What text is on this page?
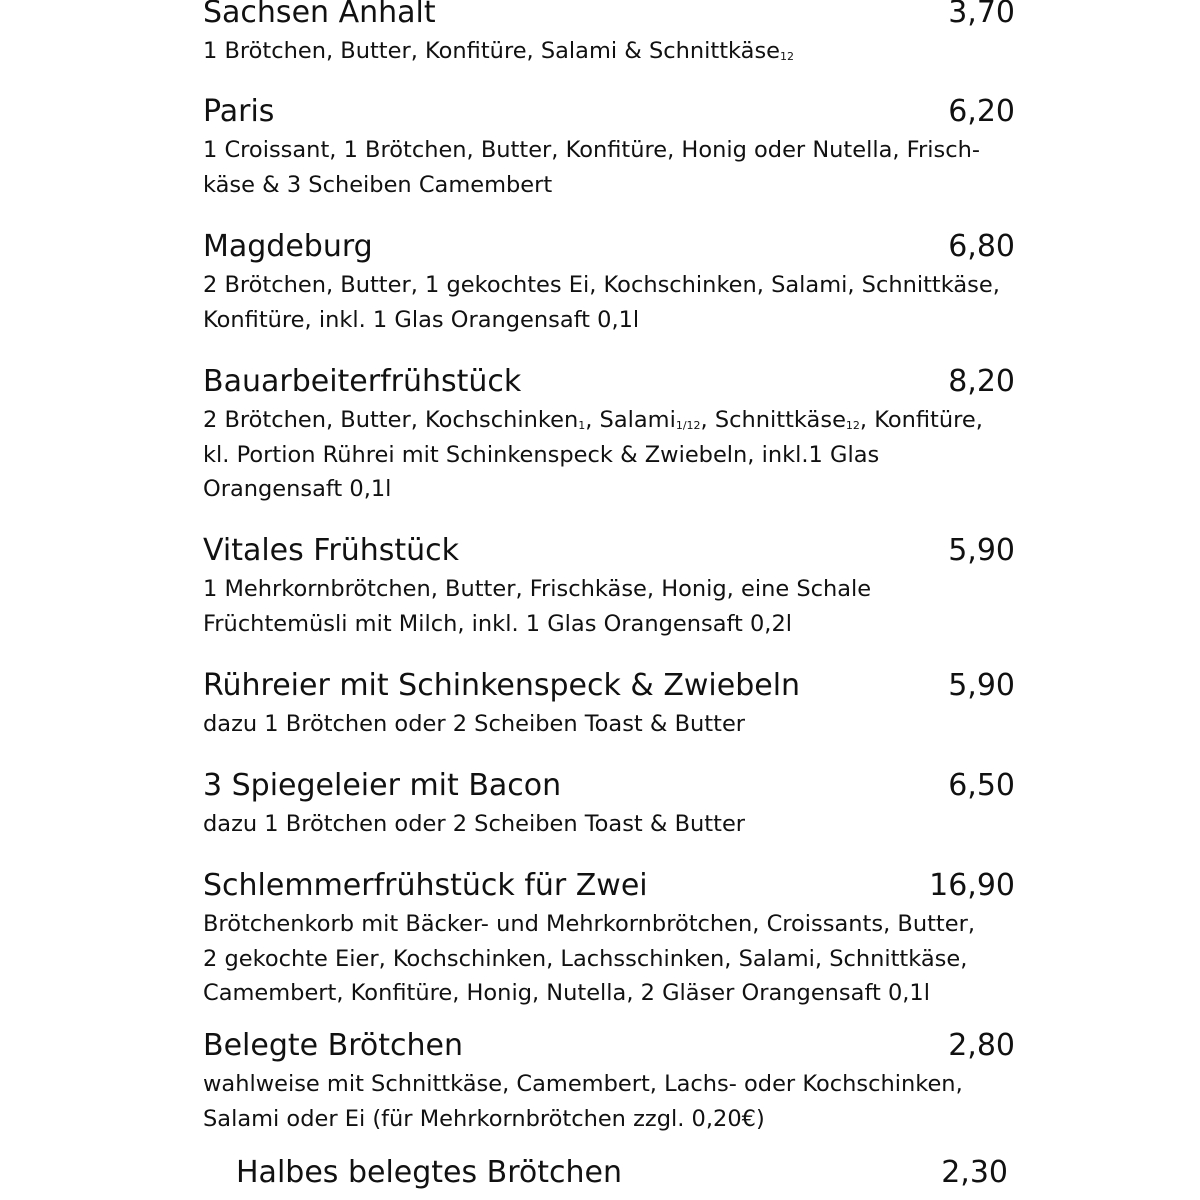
Sachsen Anhalt	3,70
1 Brötchen, Butter, Konfitüre, Salami & Schnittkäse$_{12}$
Paris	6,20
1 Croissant, 1 Brötchen, Butter, Konfitüre, Honig oder Nutella, Frisch-
käse & 3 Scheiben Camembert
Magdeburg	6,80
2 Brötchen, Butter, 1 gekochtes Ei, Kochschinken, Salami, Schnittkäse,
Konfitüre, inkl. 1 Glas Orangensaft 0,1l
Bauarbeiterfrühstück	8,20
2 Brötchen, Butter, Kochschinken$_1$, Salami$_{1/12}$, Schnittkäse$_{12}$, Konfitüre,
kl. Portion Rührei mit Schinkenspeck & Zwiebeln, inkl.1 Glas
Orangensaft 0,1l
Vitales Frühstück	5,90
1 Mehrkornbrötchen, Butter, Frischkäse, Honig, eine Schale
Früchtemüsli mit Milch, inkl. 1 Glas Orangensaft 0,2l
Rühreier mit Schinkenspeck & Zwiebeln	5,90
dazu 1 Brötchen oder 2 Scheiben Toast & Butter
3 Spiegeleier mit Bacon	6,50
dazu 1 Brötchen oder 2 Scheiben Toast & Butter
Schlemmerfrühstück für Zwei	16,90
Brötchenkorb mit Bäcker- und Mehrkornbrötchen, Croissants, Butter,
2 gekochte Eier, Kochschinken, Lachsschinken, Salami, Schnittkäse,
Camembert, Konfitüre, Honig, Nutella, 2 Gläser Orangensaft 0,1l
Belegte Brötchen	2,80
wahlweise mit Schnittkäse, Camembert, Lachs- oder Kochschinken,
Salami oder Ei (für Mehrkornbrötchen zzgl. 0,20€)
Halbes belegtes Brötchen	2,30
